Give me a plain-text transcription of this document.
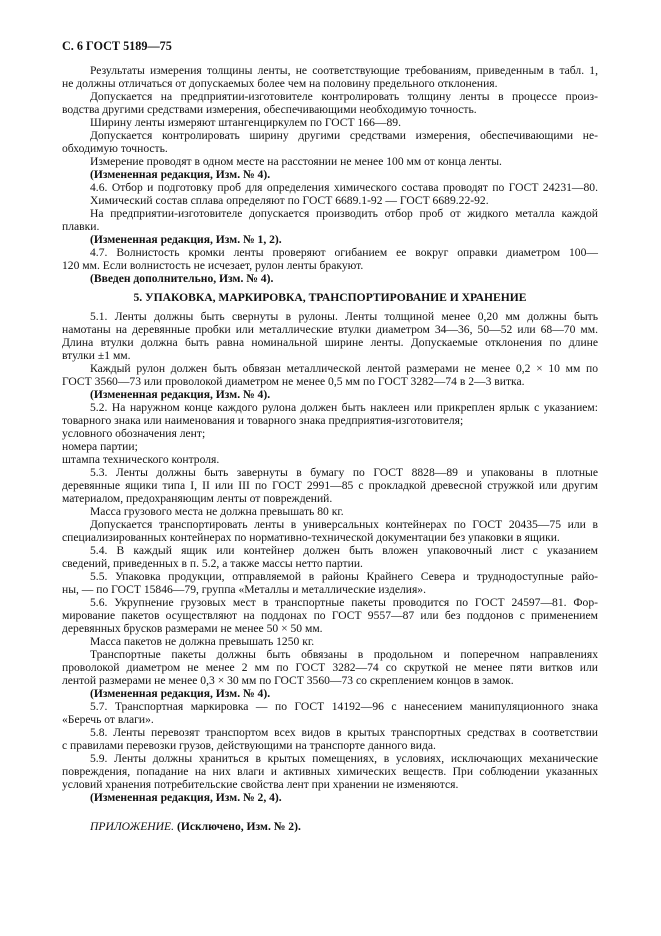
С. 6 ГОСТ 5189—75
Результаты измерения толщины ленты, не соответствующие требованиям, приведенным в табл. 1,
не должны отличаться от допускаемых более чем на половину предельного отклонения.
Допускается на предприятии-изготовителе контролировать толщину ленты в процессе произ-
водства другими средствами измерения, обеспечивающими необходимую точность.
Ширину ленты измеряют штангенциркулем по ГОСТ 166—89.
Допускается контролировать ширину другими средствами измерения, обеспечивающими не-
обходимую точность.
Измерение проводят в одном месте на расстоянии не менее 100 мм от конца ленты.
(Измененная редакция, Изм. № 4).
4.6. Отбор и подготовку проб для определения химического состава проводят по ГОСТ 24231—80.
Химический состав сплава определяют по ГОСТ 6689.1-92 — ГОСТ 6689.22-92.
На предприятии-изготовителе допускается производить отбор проб от жидкого металла каждой
плавки.
(Измененная редакция, Изм. № 1, 2).
4.7. Волнистость кромки ленты проверяют огибанием ее вокруг оправки диаметром 100—
120 мм. Если волнистость не исчезает, рулон ленты бракуют.
(Введен дополнительно, Изм. № 4).
5. УПАКОВКА, МАРКИРОВКА, ТРАНСПОРТИРОВАНИЕ И ХРАНЕНИЕ
5.1. Ленты должны быть свернуты в рулоны. Ленты толщиной менее 0,20 мм должны быть
намотаны на деревянные пробки или металлические втулки диаметром 34—36, 50—52 или 68—70 мм.
Длина втулки должна быть равна номинальной ширине ленты. Допускаемые отклонения по длине
втулки ±1 мм.
Каждый рулон должен быть обвязан металлической лентой размерами не менее 0,2 × 10 мм по
ГОСТ 3560—73 или проволокой диаметром не менее 0,5 мм по ГОСТ 3282—74 в 2—3 витка.
(Измененная редакция, Изм. № 4).
5.2. На наружном конце каждого рулона должен быть наклеен или прикреплен ярлык с указанием:
товарного знака или наименования и товарного знака предприятия-изготовителя;
условного обозначения лент;
номера партии;
штампа технического контроля.
5.3. Ленты должны быть завернуты в бумагу по ГОСТ 8828—89 и упакованы в плотные
деревянные ящики типа I, II или III по ГОСТ 2991—85 с прокладкой древесной стружкой или другим
материалом, предохраняющим ленты от повреждений.
Масса грузового места не должна превышать 80 кг.
Допускается транспортировать ленты в универсальных контейнерах по ГОСТ 20435—75 или в
специализированных контейнерах по нормативно-технической документации без упаковки в ящики.
5.4. В каждый ящик или контейнер должен быть вложен упаковочный лист с указанием
сведений, приведенных в п. 5.2, а также массы нетто партии.
5.5. Упаковка продукции, отправляемой в районы Крайнего Севера и труднодоступные райо-
ны, — по ГОСТ 15846—79, группа «Металлы и металлические изделия».
5.6. Укрупнение грузовых мест в транспортные пакеты проводится по ГОСТ 24597—81. Фор-
мирование пакетов осуществляют на поддонах по ГОСТ 9557—87 или без поддонов с применением
деревянных брусков размерами не менее 50 × 50 мм.
Масса пакетов не должна превышать 1250 кг.
Транспортные пакеты должны быть обвязаны в продольном и поперечном направлениях
проволокой диаметром не менее 2 мм по ГОСТ 3282—74 со скруткой не менее пяти витков или
лентой размерами не менее 0,3 × 30 мм по ГОСТ 3560—73 со скреплением концов в замок.
(Измененная редакция, Изм. № 4).
5.7. Транспортная маркировка — по ГОСТ 14192—96 с нанесением манипуляционного знака
«Беречь от влаги».
5.8. Ленты перевозят транспортом всех видов в крытых транспортных средствах в соответствии
с правилами перевозки грузов, действующими на транспорте данного вида.
5.9. Ленты должны храниться в крытых помещениях, в условиях, исключающих механические
повреждения, попадание на них влаги и активных химических веществ. При соблюдении указанных
условий хранения потребительские свойства лент при хранении не изменяются.
(Измененная редакция, Изм. № 2, 4).
ПРИЛОЖЕНИЕ. (Исключено, Изм. № 2).
